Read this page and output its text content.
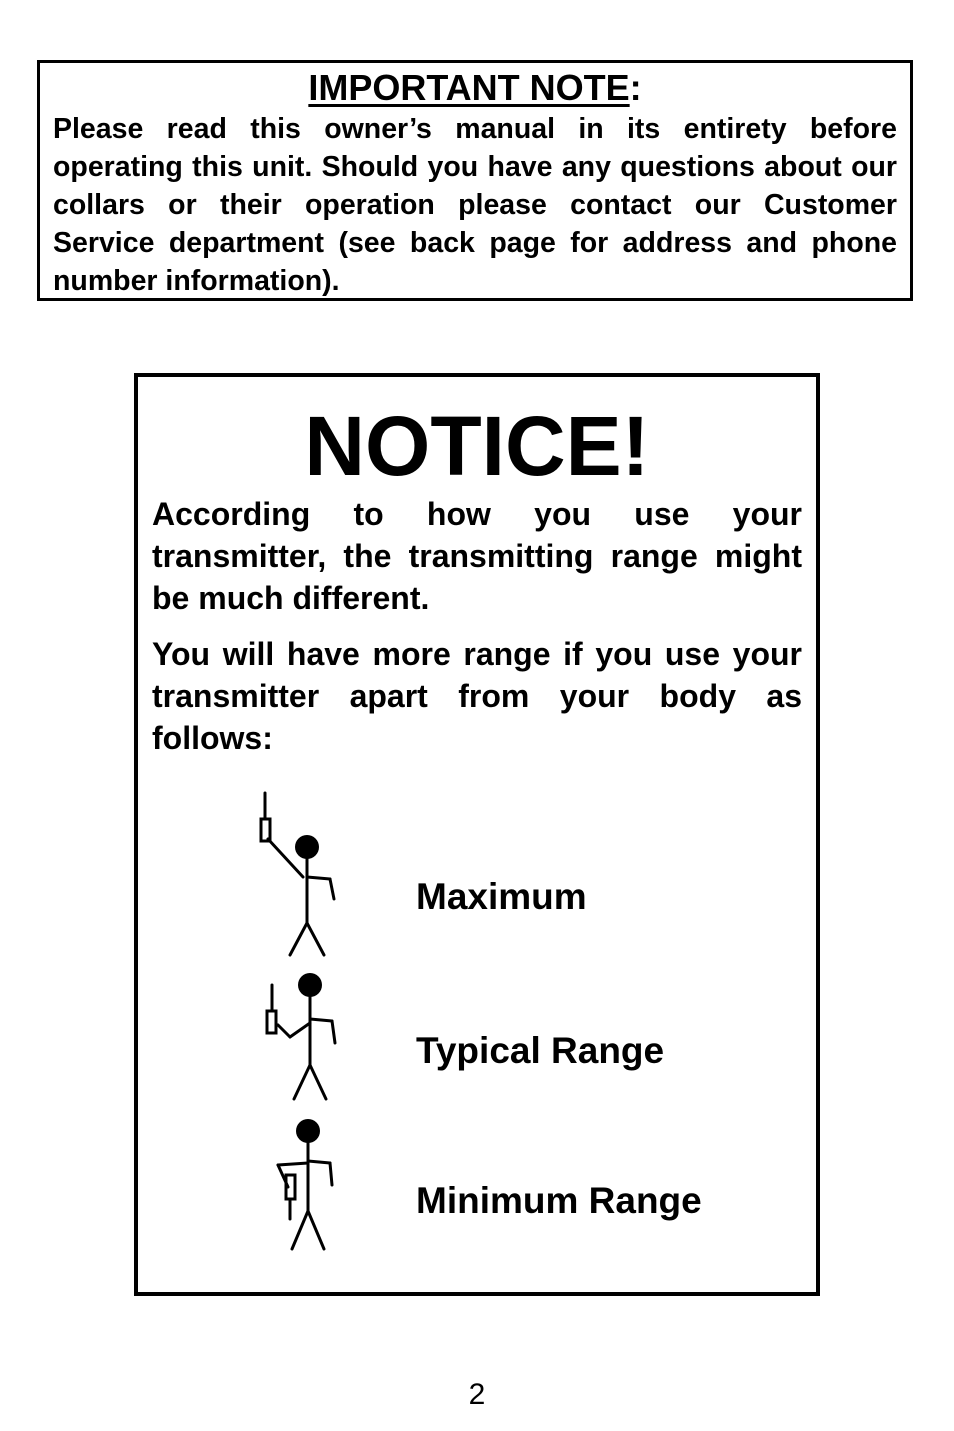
IMPORTANT NOTE:

Please read this owner’s manual in its entirety before operating this unit. Should you have any questions about our collars or their operation please contact our Customer Service department (see back page for address and phone number information).

NOTICE!

According to how you use your transmitter, the transmitting range might be much different.

You will have more range if you use your transmitter apart from your body as follows:

Maximum

Typical Range

Minimum Range

2
